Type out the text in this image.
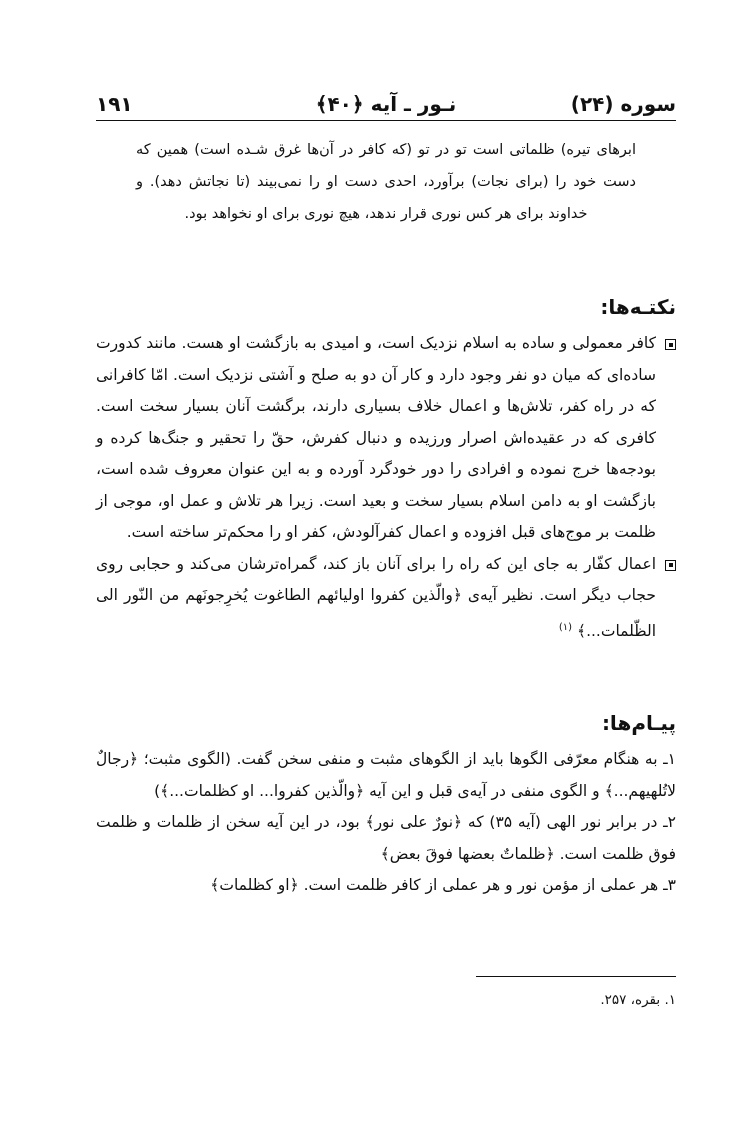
سوره (۲۴)
نـور ـ آيه ﴿۴۰﴾
۱۹۱
ابرهای تیره) ظلماتی است تو در تو (که کافر در آن‌ها غرق شـده است) همین که دست خود را (برای نجات) برآورد، احدی دست او را نمی‌بیند (تا نجاتش دهد). و خداوند برای هر کس نوری قرار ندهد، هیچ نوری برای او نخواهد بود.
نكتـه‌ها:

كافر معمولی و ساده به اسلام نزدیک است، و امیدی به بازگشت او هست. مانند كدورت ساده‌ای كه میان دو نفر وجود دارد و كار آن دو به صلح و آشتی نزدیک است. امّا كافرانی كه در راه كفر، تلاش‌ها و اعمال خلاف بسیاری دارند، برگشت آنان بسیار سخت است. كافری كه در عقیده‌اش اصرار ورزیده و دنبال كفرش، حقّ را تحقیر و جنگ‌ها كرده و بودجه‌ها خرج نموده و افرادی را دور خودگرد آورده و به این عنوان معروف شده است، بازگشت او به دامن اسلام بسیار سخت و بعید است. زیرا هر تلاش و عمل او، موجی از ظلمت بر موج‌های قبل افزوده و اعمال كفرآلودش، كفر او را محكم‌تر ساخته است.

اعمال كفّار به جای این كه راه را برای آنان باز كند، گمراه‌ترشان می‌كند و حجابی روی حجاب دیگر است. نظیر آیه‌ی ﴿والّذین كفروا اولیائهم الطاغوت یُخرِجونَهم من النّور الی الظّلمات...﴾ $^{(۱)}$

پيـام‌ها:

۱ـ به هنگام معرّفی الگوها باید از الگوهای مثبت و منفی سخن گفت. (الگوی مثبت؛ ﴿رجالٌ لاتُلهیهم...﴾ و الگوی منفی در آیه‌ی قبل و این آیه ﴿والّذین كفروا... او كظلمات...﴾)

۲ـ در برابر نور الهی (آیه ۳۵) كه ﴿نورٌ علی نور﴾ بود، در این آیه سخن از ظلمات و ظلمت فوق ظلمت است. ﴿ظلماتٌ بعضها فوقَ بعض﴾

۳ـ هر عملی از مؤمن نور و هر عملی از كافر ظلمت است. ﴿او كظلمات﴾

۱. بقره، ۲۵۷.
